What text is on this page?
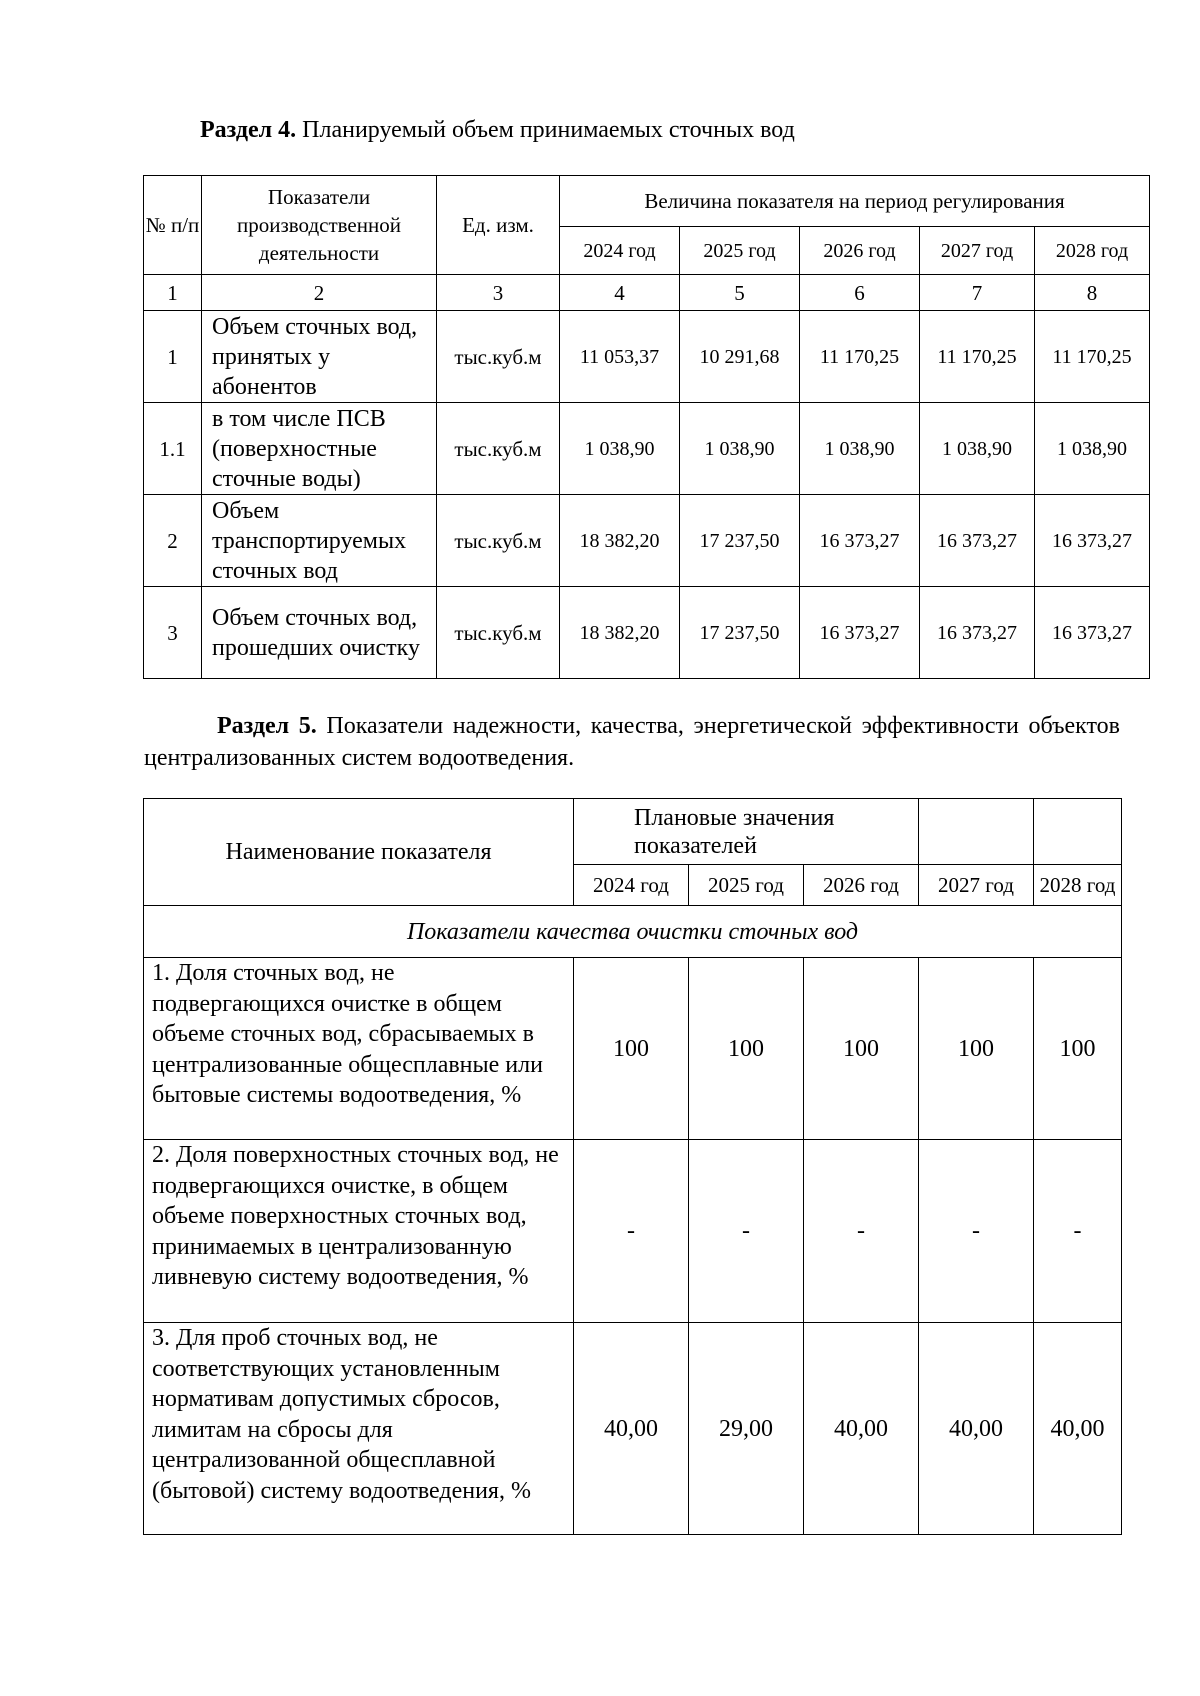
Раздел 4. Планируемый объем принимаемых сточных вод
№ п/п	Показатели производственной деятельности	Ед. изм.	Величина показателя на период регулирования				
			2024 год	2025 год	2026 год	2027 год	2028 год
1	2	3	4	5	6	7	8
1	Объем сточных вод, принятых у абонентов	тыс.куб.м	11 053,37	10 291,68	11 170,25	11 170,25	11 170,25
1.1	в том числе ПСВ (поверхностные сточные воды)	тыс.куб.м	1 038,90	1 038,90	1 038,90	1 038,90	1 038,90
2	Объем транспортируемых сточных вод	тыс.куб.м	18 382,20	17 237,50	16 373,27	16 373,27	16 373,27
3	Объем сточных вод, прошедших очистку	тыс.куб.м	18 382,20	17 237,50	16 373,27	16 373,27	16 373,27
Раздел 5. Показатели надежности, качества, энергетической эффективности объектов централизованных систем водоотведения.
Наименование показателя	Плановые значения показателей				
	2024 год	2025 год	2026 год	2027 год	2028 год
Показатели качества очистки сточных вод					
1. Доля сточных вод, не подвергающихся очистке в общем объеме сточных вод, сбрасываемых в централизованные общесплавные или бытовые системы водоотведения, %	100	100	100	100	100
2. Доля поверхностных сточных вод, не подвергающихся очистке, в общем объеме поверхностных сточных вод, принимаемых в централизованную ливневую систему водоотведения, %	-	-	-	-	-
3. Для проб сточных вод, не соответствующих установленным нормативам допустимых сбросов, лимитам на сбросы для централизованной общесплавной (бытовой) систему водоотведения, %	40,00	29,00	40,00	40,00	40,00
